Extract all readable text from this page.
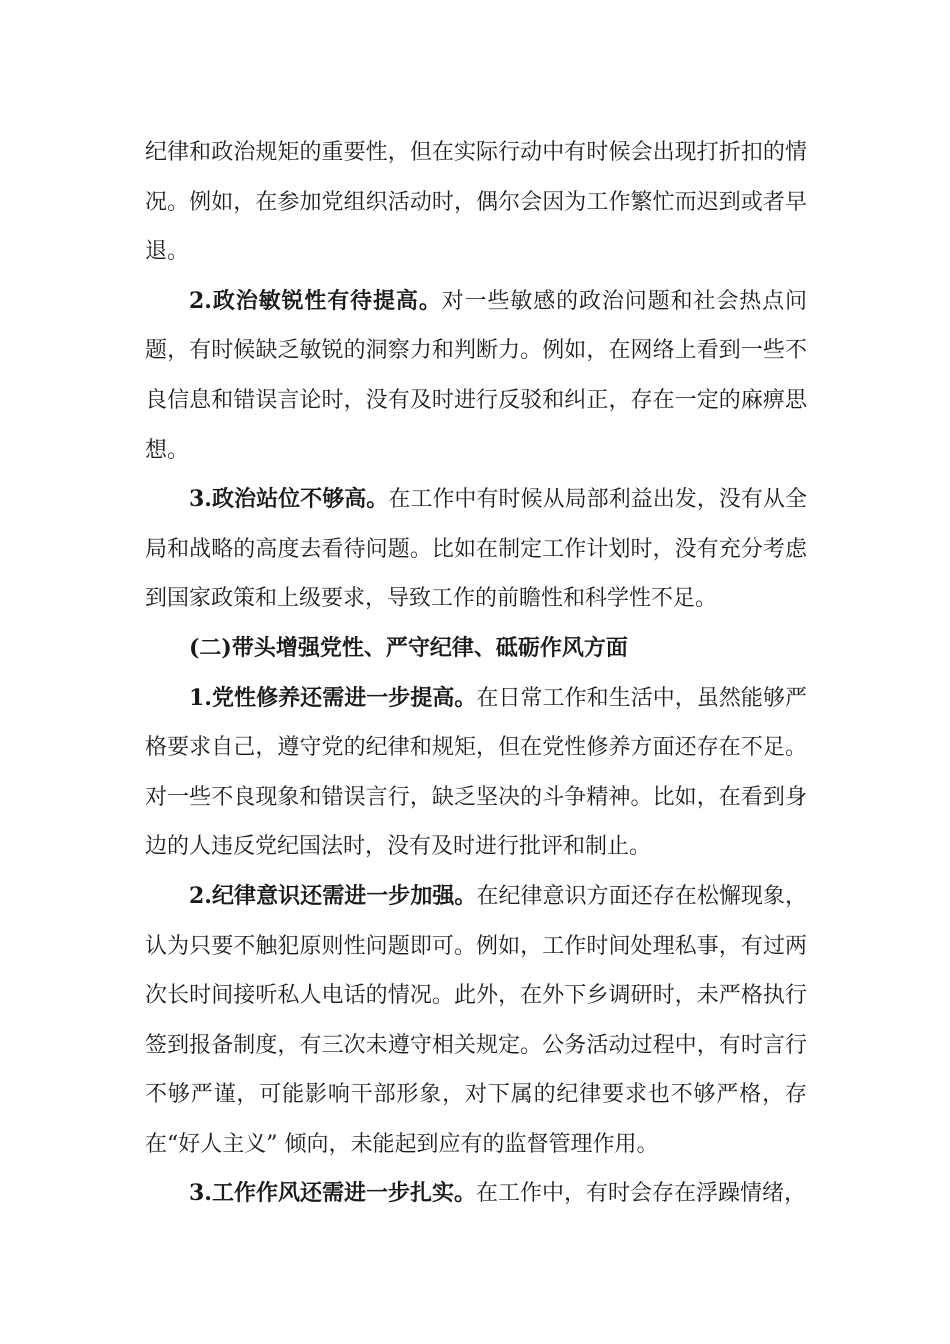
纪律和政治规矩的重要性，但在实际行动中有时候会出现打折扣的情况。例如，在参加党组织活动时，偶尔会因为工作繁忙而迟到或者早退。

2.政治敏锐性有待提高。对一些敏感的政治问题和社会热点问题，有时候缺乏敏锐的洞察力和判断力。例如，在网络上看到一些不良信息和错误言论时，没有及时进行反驳和纠正，存在一定的麻痹思想。

3.政治站位不够高。在工作中有时候从局部利益出发，没有从全局和战略的高度去看待问题。比如在制定工作计划时，没有充分考虑到国家政策和上级要求，导致工作的前瞻性和科学性不足。

(二)带头增强党性、严守纪律、砥砺作风方面

1.党性修养还需进一步提高。在日常工作和生活中，虽然能够严格要求自己，遵守党的纪律和规矩，但在党性修养方面还存在不足。对一些不良现象和错误言行，缺乏坚决的斗争精神。比如，在看到身边的人违反党纪国法时，没有及时进行批评和制止。

2.纪律意识还需进一步加强。在纪律意识方面还存在松懈现象，认为只要不触犯原则性问题即可。例如，工作时间处理私事，有过两次长时间接听私人电话的情况。此外，在外下乡调研时，未严格执行签到报备制度，有三次未遵守相关规定。公务活动过程中，有时言行不够严谨，可能影响干部形象，对下属的纪律要求也不够严格，存在“好人主义” 倾向，未能起到应有的监督管理作用。

3.工作作风还需进一步扎实。在工作中，有时会存在浮躁情绪，
